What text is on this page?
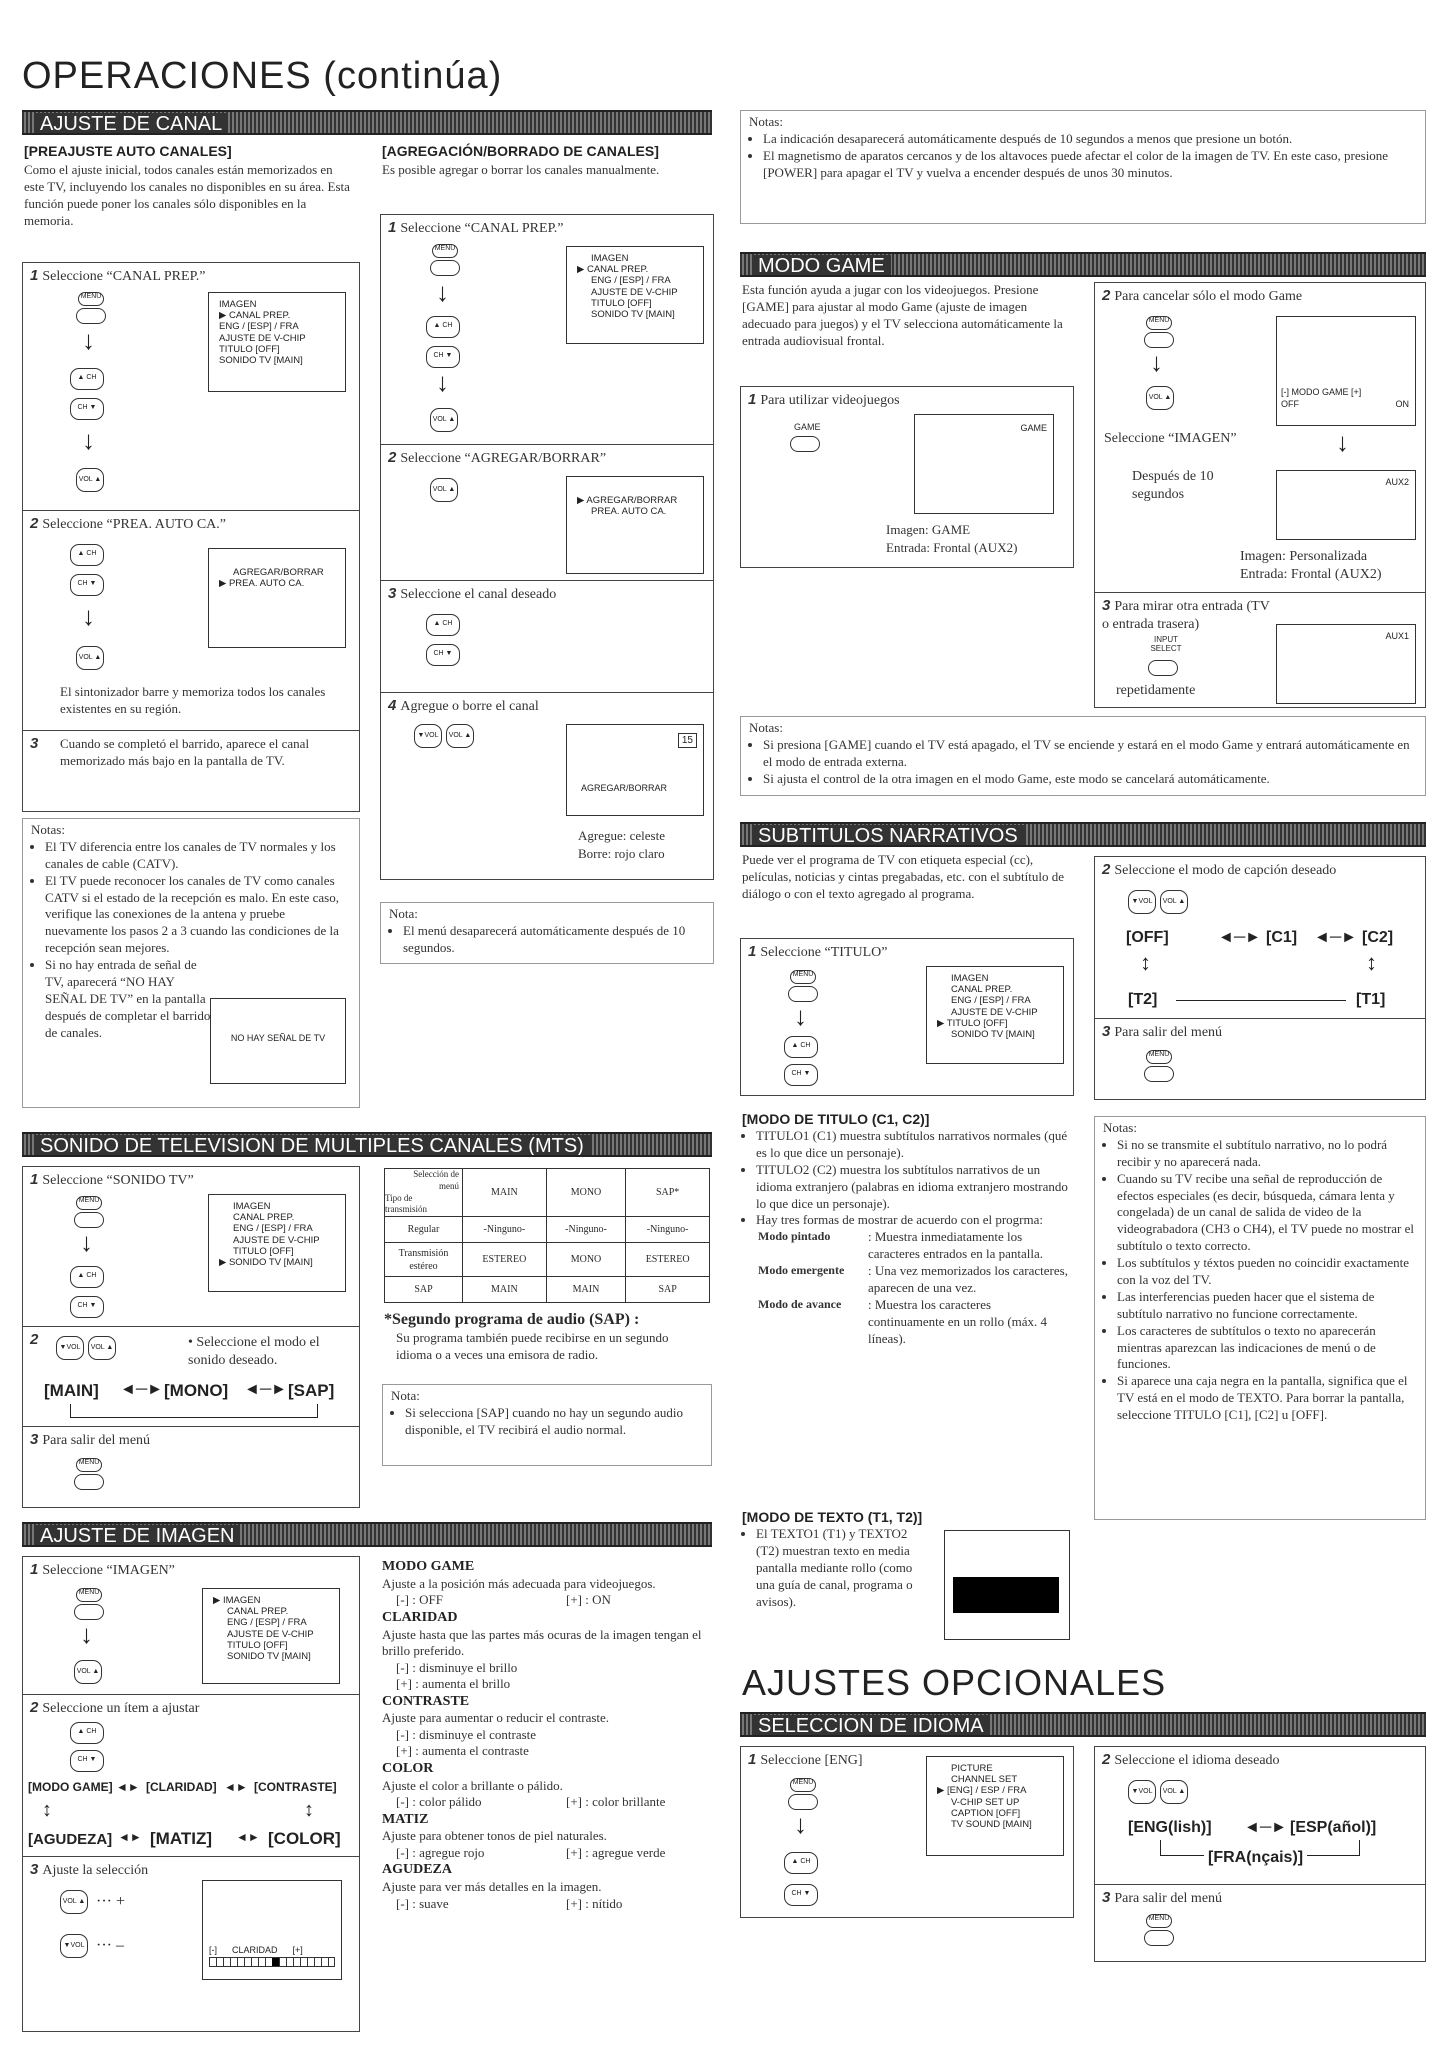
OPERACIONES (continúa)
AJUSTE DE CANAL
[PREAJUSTE AUTO CANALES]
Como el ajuste inicial, todos canales están memorizados en este TV, incluyendo los canales no disponibles en su área. Esta función puede poner los canales sólo disponibles en la memoria.
1 Seleccione “CANAL PREP.”
MENU
↓
▲ CH
CH ▼
↓
VOL ▲
IMAGEN
▶ CANAL PREP.
ENG / [ESP] / FRA
AJUSTE DE V-CHIP
TITULO [OFF]
SONIDO TV [MAIN]
2 Seleccione “PREA. AUTO CA.”
▲ CH
CH ▼
↓
VOL ▲
AGREGAR/BORRAR
▶ PREA. AUTO CA.
El sintonizador barre y memoriza todos los canales existentes en su región.
3	Cuando se completó el barrido, aparece el canal memorizado más bajo en la pantalla de TV.
Notas:
• El TV diferencia entre los canales de TV normales y los canales de cable (CATV).
• El TV puede reconocer los canales de TV como canales CATV si el estado de la recepción es malo. En este caso, verifique las conexiones de la antena y pruebe nuevamente los pasos 2 a 3 cuando las condiciones de la recepción sean mejores.
• Si no hay entrada de señal de TV, aparecerá “NO HAY SEÑAL DE TV” en la pantalla después de completar el barrido de canales.	NO HAY SEÑAL DE TV
[AGREGACIÓN/BORRADO DE CANALES]
Es posible agregar o borrar los canales manualmente.
1 Seleccione “CANAL PREP.”
MENU
↓
▲ CH
CH ▼
↓
VOL ▲
IMAGEN
▶ CANAL PREP.
ENG / [ESP] / FRA
AJUSTE DE V-CHIP
TITULO [OFF]
SONIDO TV [MAIN]
2 Seleccione “AGREGAR/BORRAR”
VOL ▲
▶ AGREGAR/BORRAR
PREA. AUTO CA.
3 Seleccione el canal deseado
▲ CH
CH ▼
4 Agregue o borre el canal
▼VOL	VOL ▲	15
AGREGAR/BORRAR
Agregue: celeste
Borre: rojo claro
Nota:
• El menú desaparecerá automáticamente después de 10 segundos.
Notas:
• La indicación desaparecerá automáticamente después de 10 segundos a menos que presione un botón.
• El magnetismo de aparatos cercanos y de los altavoces puede afectar el color de la imagen de TV. En este caso, presione [POWER] para apagar el TV y vuelva a encender después de unos 30 minutos.
MODO GAME
Esta función ayuda a jugar con los videojuegos. Presione [GAME] para ajustar al modo Game (ajuste de imagen adecuado para juegos) y el TV selecciona automáticamente la entrada audiovisual frontal.
1 Para utilizar videojuegos
GAME	GAME
Imagen: GAME
Entrada: Frontal (AUX2)
2 Para cancelar sólo el modo Game
MENU
↓
VOL ▲
[-] MODO GAME [+]
OFF	ON
Seleccione “IMAGEN”	↓
Después de 10 segundos
AUX2
Imagen: Personalizada
Entrada: Frontal (AUX2)
3 Para mirar otra entrada (TV o entrada trasera)
INPUT SELECT
repetidamente
AUX1
Notas:
• Si presiona [GAME] cuando el TV está apagado, el TV se enciende y estará en el modo Game y entrará automáticamente en el modo de entrada externa.
• Si ajusta el control de la otra imagen en el modo Game, este modo se cancelará automáticamente.
SUBTITULOS NARRATIVOS
Puede ver el programa de TV con etiqueta especial (cc), películas, noticias y cintas pregabadas, etc. con el subtítulo de diálogo o con el texto agregado al programa.
1 Seleccione “TITULO”
MENU
↓
▲ CH
CH ▼
IMAGEN
CANAL PREP.
ENG / [ESP] / FRA
AJUSTE DE V-CHIP
▶ TITULO [OFF]
SONIDO TV [MAIN]
2 Seleccione el modo de capción deseado
▼VOL	VOL ▲
[OFF]	◄─► [C1] ◄─► [C2]
↕	↕
[T2]	[T1]
3 Para salir del menú
MENU
[MODO DE TITULO (C1, C2)]
• TITULO1 (C1) muestra subtítulos narrativos normales (qué es lo que dice un personaje).
• TITULO2 (C2) muestra los subtítulos narrativos de un idioma extranjero (palabras en idioma extranjero mostrando lo que dice un personaje).
• Hay tres formas de mostrar de acuerdo con el progrma:
Modo pintado	: Muestra inmediatamente los caracteres entrados en la pantalla.
Modo emergente	: Una vez memorizados los caracteres, aparecen de una vez.
Modo de avance	: Muestra los caracteres continuamente en un rollo (máx. 4 líneas).
[MODO DE TEXTO (T1, T2)]
• El TEXTO1 (T1) y TEXTO2 (T2) muestran texto en media pantalla mediante rollo (como una guía de canal, programa o avisos).
Notas:
• Si no se transmite el subtítulo narrativo, no lo podrá recibir y no aparecerá nada.
• Cuando su TV recibe una señal de reproducción de efectos especiales (es decir, búsqueda, cámara lenta y congelada) de un canal de salida de video de la videograbadora (CH3 o CH4), el TV puede no mostrar el subtítulo o texto correcto.
• Los subtítulos y téxtos pueden no coincidir exactamente con la voz del TV.
• Las interferencias pueden hacer que el sistema de subtítulo narrativo no funcione correctamente.
• Los caracteres de subtítulos o texto no aparecerán mientras aparezcan las indicaciones de menú o de funciones.
• Si aparece una caja negra en la pantalla, significa que el TV está en el modo de TEXTO. Para borrar la pantalla, seleccione TITULO [C1], [C2] u [OFF].
SONIDO DE TELEVISION DE MULTIPLES CANALES (MTS)
1 Seleccione “SONIDO TV”
MENU
↓
▲ CH
CH ▼
IMAGEN
CANAL PREP.
ENG / [ESP] / FRA
AJUSTE DE V-CHIP
TITULO [OFF]
▶ SONIDO TV [MAIN]
2	▼VOL	VOL ▲	• Seleccione el modo el sonido deseado.
[MAIN] ◄─► [MONO] ◄─► [SAP]
3 Para salir del menú
MENU
Selección de menú
Tipo de transmisión	MAIN	MONO	SAP*
Regular	-Ninguno-	-Ninguno-	-Ninguno-
Transmisión estéreo	ESTEREO	MONO	ESTEREO
SAP	MAIN	MAIN	SAP
*Segundo programa de audio (SAP) :
Su programa también puede recibirse en un segundo idioma o a veces una emisora de radio.
Nota:
• Si selecciona [SAP] cuando no hay un segundo audio disponible, el TV recibirá el audio normal.
AJUSTE DE IMAGEN
1 Seleccione “IMAGEN”
MENU
↓
VOL ▲
▶ IMAGEN
CANAL PREP.
ENG / [ESP] / FRA
AJUSTE DE V-CHIP
TITULO [OFF]
SONIDO TV [MAIN]
2 Seleccione un ítem a ajustar
▲ CH
CH ▼
[MODO GAME] ◄► [CLARIDAD] ◄► [CONTRASTE]
↕	↕
[AGUDEZA] ◄► [MATIZ] ◄► [COLOR]
3 Ajuste la selección
VOL ▲ ··· +
▼VOL ··· –	[-]      CLARIDAD      [+]
MODO GAME
Ajuste a la posición más adecuada para videojuegos.
[-] : OFF	[+] : ON
CLARIDAD
Ajuste hasta que las partes más ocuras de la imagen tengan el brillo preferido.
[-] : disminuye el brillo
[+] : aumenta el brillo
CONTRASTE
Ajuste para aumentar o reducir el contraste.
[-] : disminuye el contraste
[+] : aumenta el contraste
COLOR
Ajuste el color a brillante o pálido.
[-] : color pálido	[+] : color brillante
MATIZ
Ajuste para obtener tonos de piel naturales.
[-] : agregue rojo	[+] : agregue verde
AGUDEZA
Ajuste para ver más detalles en la imagen.
[-] : suave	[+] : nítido
AJUSTES OPCIONALES
SELECCION DE IDIOMA
1 Seleccione [ENG]
MENU
↓
▲ CH
CH ▼
PICTURE
CHANNEL SET
▶ [ENG] / ESP / FRA
V-CHIP SET UP
CAPTION [OFF]
TV SOUND [MAIN]
2 Seleccione el idioma deseado
▼VOL	VOL ▲
[ENG(lish)] ◄─► [ESP(añol)]
[FRA(nçais)]
3 Para salir del menú
MENU
